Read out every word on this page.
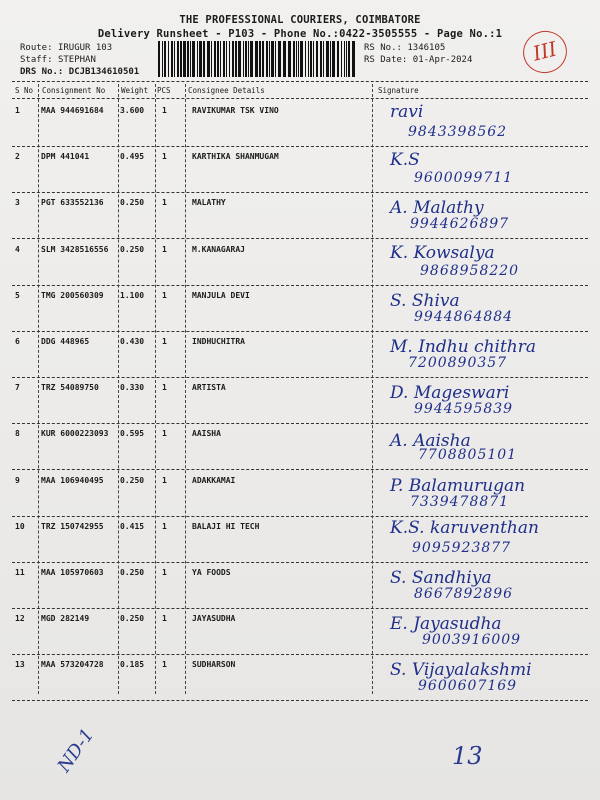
THE PROFESSIONAL COURIERS, COIMBATORE
Delivery Runsheet - P103 - Phone No.:0422-3505555 - Page No.:1
III
Route: IRUGUR 103
Staff: STEPHAN
DRS No.: DCJB134610501
RS No.: 1346105
RS Date: 01-Apr-2024
S No Consignment No Weight PCS Consignee Details	Signature
1	MAA 944691684 3.600 1	RAVIKUMAR TSK VINO	ravi
9843398562
2	DPM 441041	0.495 1	KARTHIKA SHANMUGAM	K.S
9600099711
3	PGT 633552136 0.250 1	MALATHY	A. Malathy
9944626897
4	SLM 3428516556 0.250 1	M.KANAGARAJ	K. Kowsalya
9868958220
5	TMG 200560309 1.100 1	MANJULA DEVI	S. Shiva
9944864884
6	DDG 448965	0.430 1	INDHUCHITRA	M. Indhu chithra
7200890357
7	TRZ 54089750	0.330 1	ARTISTA	D. Mageswari
9944595839
8	KUR 6000223093 0.595 1	AAISHA	A. Aaisha
7708805101
9	MAA 106940495 0.250 1	ADAKKAMAI	P. Balamurugan
7339478871
10 TRZ 150742955 0.415 1	BALAJI HI TECH	K.S. karuventhan
9095923877
11 MAA 105970603 0.250 1	YA FOODS	S. Sandhiya
8667892896
12 MGD 282149	0.250 1	JAYASUDHA	E. Jayasudha
9003916009
13 MAA 573204728 0.185 1	SUDHARSON	S. Vijayalakshmi
9600607169
ND-1	13
